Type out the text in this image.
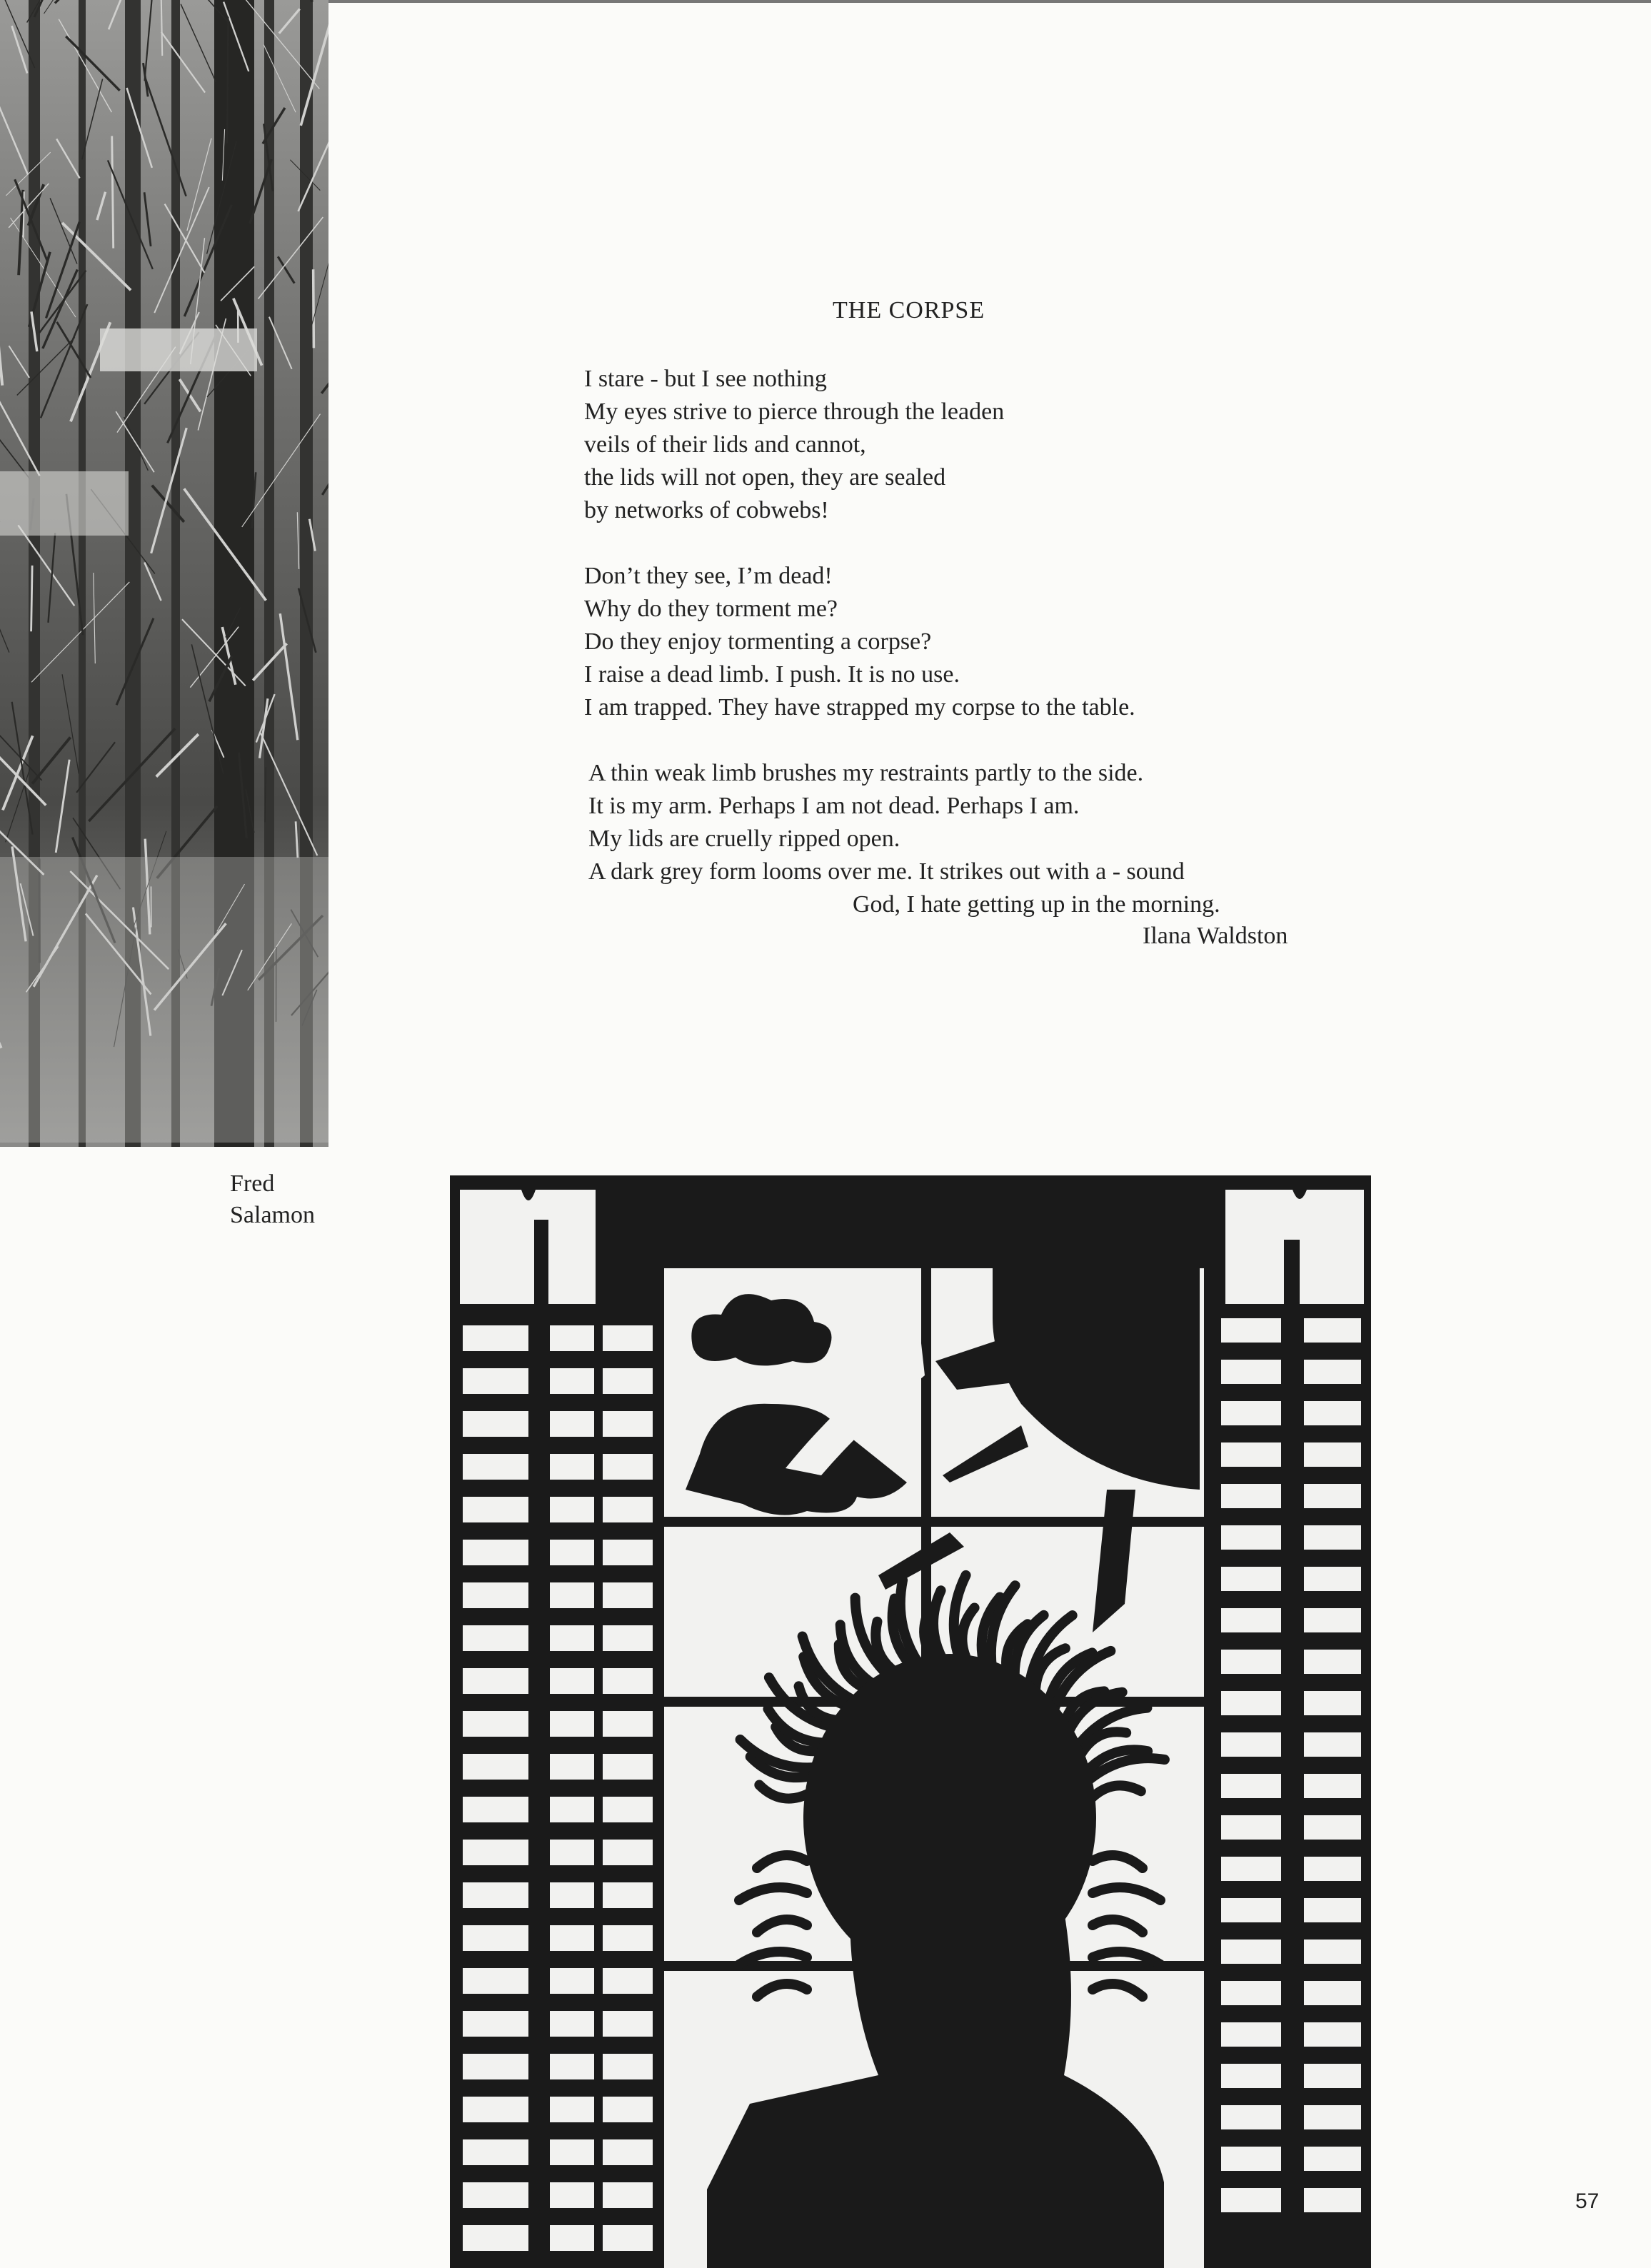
THE CORPSE
I stare - but I see nothing
My eyes strive to pierce through the leaden
veils of their lids and cannot,
the lids will not open, they are sealed
by networks of cobwebs!
Don’t they see, I’m dead!
Why do they torment me?
Do they enjoy tormenting a corpse?
I raise a dead limb. I push. It is no use.
I am trapped. They have strapped my corpse to the table.
A thin weak limb brushes my restraints partly to the side.
It is my arm. Perhaps I am not dead. Perhaps I am.
My lids are cruelly ripped open.
A dark grey form looms over me. It strikes out with a - sound
God, I hate getting up in the morning.
Ilana Waldston
Fred
Salamon
57
